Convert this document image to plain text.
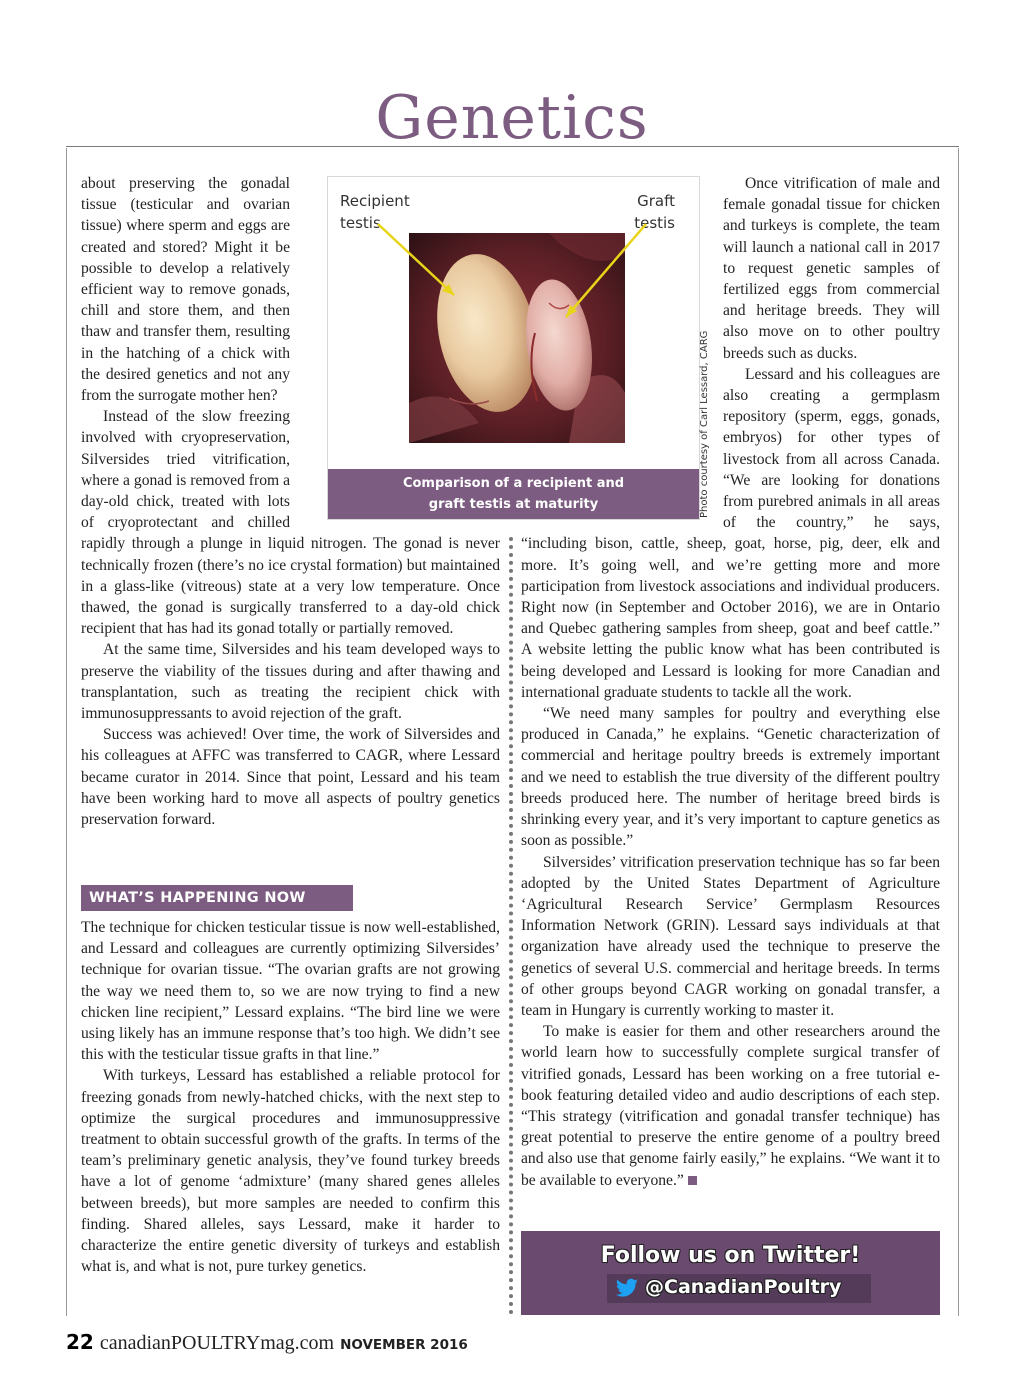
Genetics

about preserving the gonadal tissue (testicular and ovarian tissue) where sperm and eggs are created and stored? Might it be possible to develop a relatively efficient way to remove gonads, chill and store them, and then thaw and transfer them, resulting in the hatching of a chick with the desired genetics and not any from the surrogate mother hen?

Instead of the slow freezing involved with cryopreservation, Silversides tried vitrification, where a gonad is removed from a day-old chick, treated with lots of cryoprotectant and chilled rapidly through a plunge in liquid nitrogen. The gonad is never technically frozen (there’s no ice crystal formation) but maintained in a glass-like (vitreous) state at a very low temperature. Once thawed, the gonad is surgically transferred to a day-old chick recipient that has had its gonad totally or partially removed.

At the same time, Silversides and his team developed ways to preserve the viability of the tissues during and after thawing and transplantation, such as treating the recipient chick with immunosuppressants to avoid rejection of the graft.

Success was achieved! Over time, the work of Silversides and his colleagues at AFFC was transferred to CAGR, where Lessard became curator in 2014. Since that point, Lessard and his team have been working hard to move all aspects of poultry genetics preservation forward.

WHAT’S HAPPENING NOW

The technique for chicken testicular tissue is now well-established, and Lessard and colleagues are currently optimizing Silversides’ technique for ovarian tissue. “The ovarian grafts are not growing the way we need them to, so we are now trying to find a new chicken line recipient,” Lessard explains. “The bird line we were using likely has an immune response that’s too high. We didn’t see this with the testicular tissue grafts in that line.”

With turkeys, Lessard has established a reliable protocol for freezing gonads from newly-hatched chicks, with the next step to optimize the surgical procedures and immunosuppressive treatment to obtain successful growth of the grafts. In terms of the team’s preliminary genetic analysis, they’ve found turkey breeds have a lot of genome ‘admixture’ (many shared genes alleles between breeds), but more samples are needed to confirm this finding. Shared alleles, says Lessard, make it harder to characterize the entire genetic diversity of turkeys and establish what is, and what is not, pure turkey genetics.

Once vitrification of male and female gonadal tissue for chicken and turkeys is complete, the team will launch a national call in 2017 to request genetic samples of fertilized eggs from commercial and heritage breeds. They will also move on to other poultry breeds such as ducks.

Lessard and his colleagues are also creating a germplasm repository (sperm, eggs, gonads, embryos) for other types of livestock from all across Canada. “We are looking for donations from purebred animals in all areas of the country,” he says, “including bison, cattle, sheep, goat, horse, pig, deer, elk and more. It’s going well, and we’re getting more and more participation from livestock associations and individual producers. Right now (in September and October 2016), we are in Ontario and Quebec gathering samples from sheep, goat and beef cattle.” A website letting the public know what has been contributed is being developed and Lessard is looking for more Canadian and international graduate students to tackle all the work.

“We need many samples for poultry and everything else produced in Canada,” he explains. “Genetic characterization of commercial and heritage poultry breeds is extremely important and we need to establish the true diversity of the different poultry breeds produced here. The number of heritage breed birds is shrinking every year, and it’s very important to capture genetics as soon as possible.”

Silversides’ vitrification preservation technique has so far been adopted by the United States Department of Agriculture ‘Agricultural Research Service’ Germplasm Resources Information Network (GRIN). Lessard says individuals at that organization have already used the technique to preserve the genetics of several U.S. commercial and heritage breeds. In terms of other groups beyond CAGR working on gonadal transfer, a team in Hungary is currently working to master it.

To make is easier for them and other researchers around the world learn how to successfully complete surgical transfer of vitrified gonads, Lessard has been working on a free tutorial e-book featuring detailed video and audio descriptions of each step. “This strategy (vitrification and gonadal transfer technique) has great potential to preserve the entire genome of a poultry breed and also use that genome fairly easily,” he explains. “We want it to be available to everyone.”

Recipient
testis
Graft
testis
Comparison of a recipient and
graft testis at maturity	Photo courtesy of Carl Lessard, CARG
Follow us on Twitter!
@CanadianPoultry
22 canadianPOULTRYmag.com NOVEMBER 2016
